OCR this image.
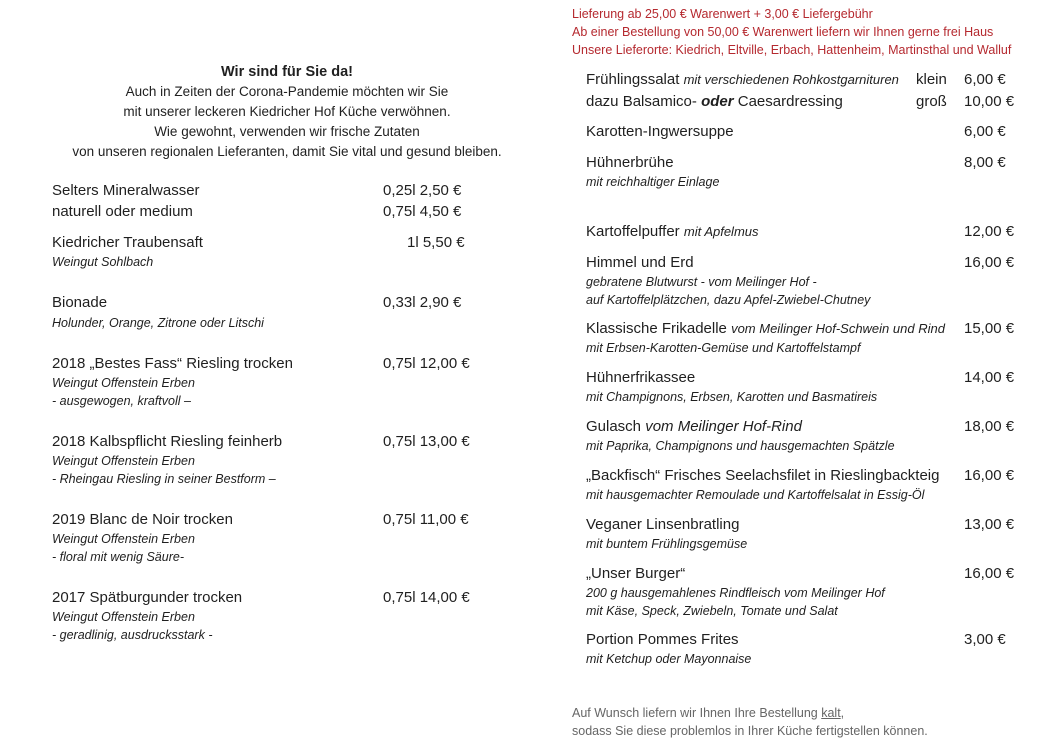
Lieferung ab 25,00 € Warenwert + 3,00 € Liefergebühr
Ab einer Bestellung von 50,00 € Warenwert liefern wir Ihnen gerne frei Haus
Unsere Lieferorte: Kiedrich, Eltville, Erbach, Hattenheim, Martinsthal und Walluf
Wir sind für Sie da!
Auch in Zeiten der Corona-Pandemie möchten wir Sie
mit unserer leckeren Kiedricher Hof Küche verwöhnen.
Wie gewohnt, verwenden wir frische Zutaten
von unseren regionalen Lieferanten, damit Sie vital und gesund bleiben.
Selters Mineralwasser	0,25l 2,50 €
naturell oder medium	0,75l 4,50 €
Kiedricher Traubensaft	1l 5,50 €
Weingut Sohlbach
Bionade	0,33l 2,90 €
Holunder, Orange, Zitrone oder Litschi
2018 „Bestes Fass“ Riesling trocken	0,75l 12,00 €
Weingut Offenstein Erben
- ausgewogen, kraftvoll –
2018 Kalbspflicht Riesling feinherb	0,75l 13,00 €
Weingut Offenstein Erben
- Rheingau Riesling in seiner Bestform –
2019 Blanc de Noir trocken	0,75l 11,00 €
Weingut Offenstein Erben
- floral mit wenig Säure-
2017 Spätburgunder trocken	0,75l 14,00 €
Weingut Offenstein Erben
- geradlinig, ausdrucksstark -
Frühlingssalat mit verschiedenen Rohkostgarnituren klein 6,00 €
dazu Balsamico- oder Caesardressing	groß 10,00 €
Karotten-Ingwersuppe	6,00 €
Hühnerbrühe	8,00 €
mit reichhaltiger Einlage
Kartoffelpuffer mit Apfelmus	12,00 €
Himmel und Erd	16,00 €
gebratene Blutwurst - vom Meilinger Hof -
auf Kartoffelplätzchen, dazu Apfel-Zwiebel-Chutney
Klassische Frikadelle vom Meilinger Hof-Schwein und Rind 15,00 €
mit Erbsen-Karotten-Gemüse und Kartoffelstampf
Hühnerfrikassee	14,00 €
mit Champignons, Erbsen, Karotten und Basmatireis
Gulasch vom Meilinger Hof-Rind	18,00 €
mit Paprika, Champignons und hausgemachten Spätzle
„Backfisch“ Frisches Seelachsfilet in Rieslingbackteig 16,00 €
mit hausgemachter Remoulade und Kartoffelsalat in Essig-Öl
Veganer Linsenbratling	13,00 €
mit buntem Frühlingsgemüse
„Unser Burger“	16,00 €
200 g hausgemahlenes Rindfleisch vom Meilinger Hof
mit Käse, Speck, Zwiebeln, Tomate und Salat
Portion Pommes Frites	3,00 €
mit Ketchup oder Mayonnaise
Auf Wunsch liefern wir Ihnen Ihre Bestellung kalt,
sodass Sie diese problemlos in Ihrer Küche fertigstellen können.
